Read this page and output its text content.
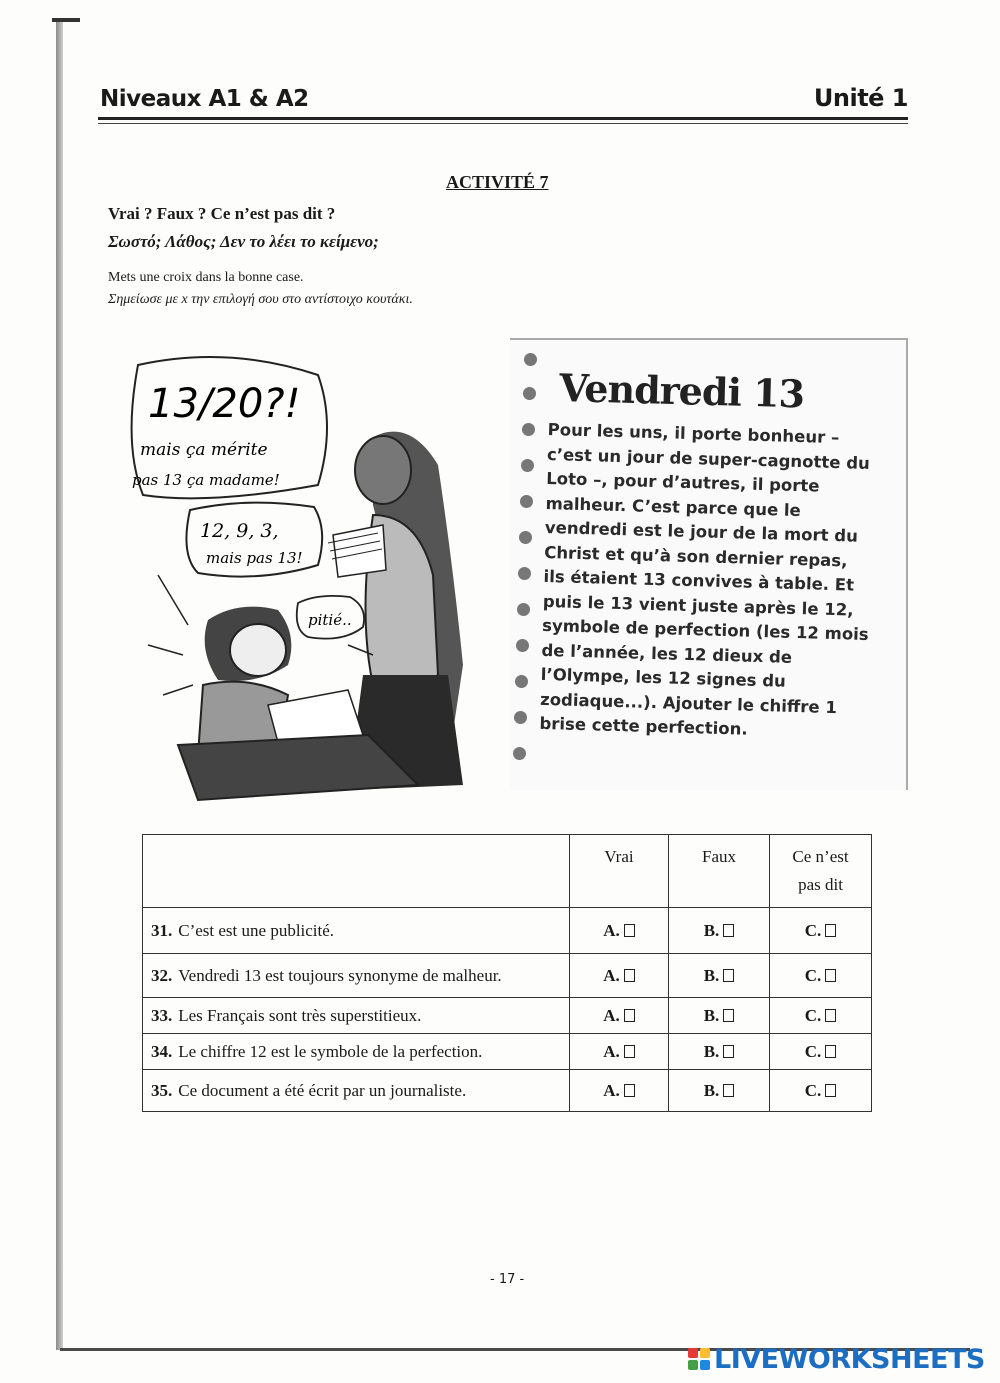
Niveaux A1 & A2	Unité 1
ACTIVITÉ 7
Vrai ? Faux ? Ce n’est pas dit ?
Σωστό; Λάθος; Δεν το λέει το κείμενο;
Mets une croix dans la bonne case.
Σημείωσε με x την επιλογή σου στο αντίστοιχο κουτάκι.
13/20?!
mais ça mérite
pas 13 ça madame!
12, 9, 3,
mais pas 13!
pitié..
Vendredi 13
Pour les uns, il porte bonheur – c’est un jour de super-cagnotte du Loto –, pour d’autres, il porte malheur. C’est parce que le vendredi est le jour de la mort du Christ et qu’à son dernier repas, ils étaient 13 convives à table. Et puis le 13 vient juste après le 12, symbole de perfection (les 12 mois de l’année, les 12 dieux de l’Olympe, les 12 signes du zodiaque...). Ajouter le chiffre 1 brise cette perfection.
	Vrai	Faux	Ce n’est
pas dit
31. C’est est une publicité.	A.	B.	C.
32. Vendredi 13 est toujours synonyme de malheur.	A.	B.	C.
33. Les Français sont très superstitieux.	A.	B.	C.
34. Le chiffre 12 est le symbole de la perfection.	A.	B.	C.
35. Ce document a été écrit par un journaliste.	A.	B.	C.
- 17 -
LIVEWORKSHEETS
